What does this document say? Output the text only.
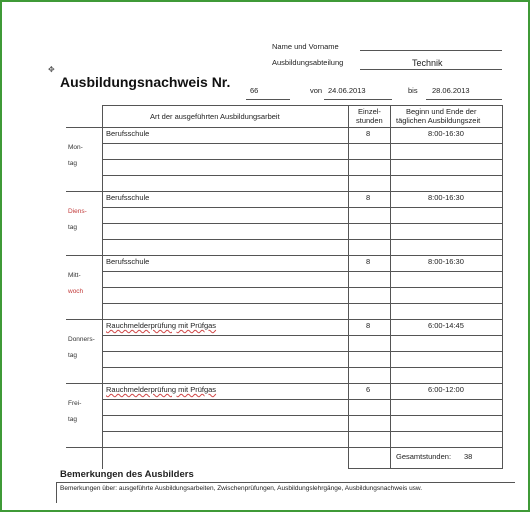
Name und Vorname
Ausbildungsabteilung	Technik
✥
Ausbildungsnachweis Nr.
66	von 24.06.2013	bis 28.06.2013
Art der ausgeführten Ausbildungsarbeit
Einzel-
stunden
Beginn und Ende der
täglichen Ausbildungszeit
Mon-
tag
Berufsschule	8	8:00-16:30
Diens-
tag
Berufsschule	8	8:00-16:30
Mitt-
woch
Berufsschule	8	8:00-16:30
Donners-
tag
Rauchmelderprüfung mit Prüfgas	8	6:00-14:45
Frei-
tag
Rauchmelderprüfung mit Prüfgas	6	6:00-12:00
Gesamtstunden: 38
Bemerkungen des Ausbilders
Bemerkungen über: ausgeführte Ausbildungsarbeiten, Zwischenprüfungen, Ausbildungslehrgänge, Ausbildungsnachweis usw.
